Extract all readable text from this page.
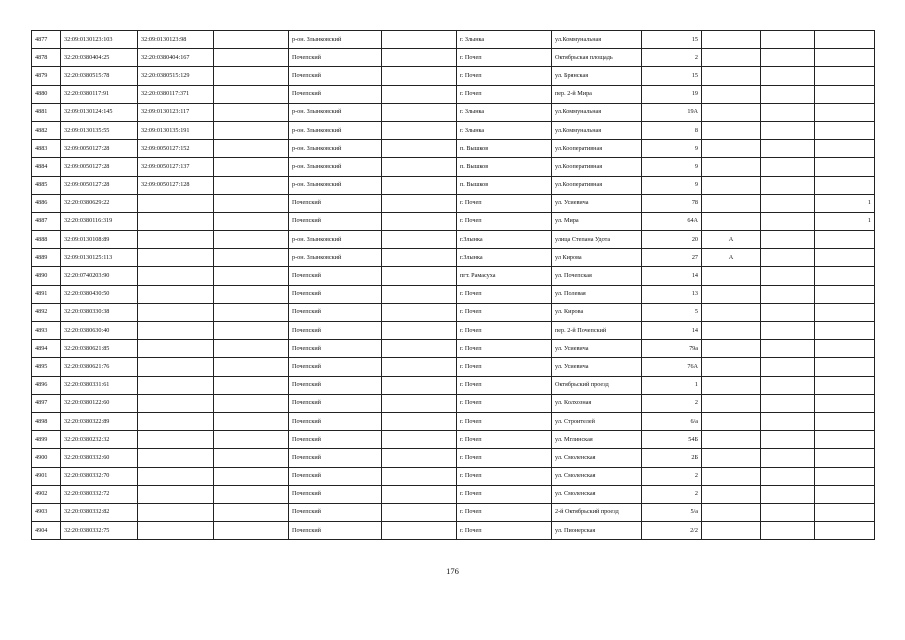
4877	32:09:0130123:103	32:09:0130123:98		р-он. Злынковский		г. Злынка	ул.Коммунальная	15			
4878	32:20:0380404:25	32:20:0380404:167		Почепский		г. Почеп	Октябрьская площадь	2			
4879	32:20:0380515:78	32:20:0380515:129		Почепский		г. Почеп	ул. Брянская	15			
4880	32:20:0380117:91	32:20:0380117:371		Почепский		г. Почеп	пер. 2-й Мира	19			
4881	32:09:0130124:145	32:09:0130123:117		р-он. Злынковский		г. Злынка	ул.Коммунальная	19А			
4882	32:09:0130135:55	32:09:0130135:191		р-он. Злынковский		г. Злынка	ул.Коммунальная	8			
4883	32:09:0050127:28	32:09:0050127:152		р-он. Злынковский		п. Вышков	ул.Кооперативная	9			
4884	32:09:0050127:28	32:09:0050127:137		р-он. Злынковский		п. Вышков	ул.Кооперативная	9			
4885	32:09:0050127:28	32:09:0050127:128		р-он. Злынковский		п. Вышков	ул.Кооперативная	9			
4886	32:20:0380629:22			Почепский		г. Почеп	ул. Усиевича	78			1
4887	32:20:0380116:319			Почепский		г. Почеп	ул. Мира	64А			1
4888	32:09:0130108:89			р-он. Злынковский		г.Злынка	улица Степана Удота	20	А		
4889	32:09:0130125:113			р-он. Злынковский		г.Злынка	ул Кирова	27	А		
4890	32:20:0740203:90			Почепский		пгт. Рамасуха	ул. Почепская	14			
4891	32:20:0380430:50			Почепский		г. Почеп	ул. Полевая	13			
4892	32:20:0380330:38			Почепский		г. Почеп	ул. Кирова	5			
4893	32:20:0380630:40			Почепский		г. Почеп	пер. 2-й Почепский	14			
4894	32:20:0380621:85			Почепский		г. Почеп	ул. Усиевича	79а			
4895	32:20:0380621:76			Почепский		г. Почеп	ул. Усиевича	76А			
4896	32:20:0380331:61			Почепский		г. Почеп	Октябрьский проезд	1			
4897	32:20:0380122:60			Почепский		г. Почеп	ул. Колхозная	2			
4898	32:20:0380322:89			Почепский		г. Почеп	ул. Строителей	6/а			
4899	32:20:0380232:32			Почепский		г. Почеп	ул. Мглинская	54Б			
4900	32:20:0380332:60			Почепский		г. Почеп	ул. Смоленская	2Б			
4901	32:20:0380332:70			Почепский		г. Почеп	ул. Смоленская	2			
4902	32:20:0380332:72			Почепский		г. Почеп	ул. Смоленская	2			
4903	32:20:0380332:82			Почепский		г. Почеп	2-й Октябрьский проезд	5/а			
4904	32:20:0380332:75			Почепский		г. Почеп	ул. Пионерская	2/2			
176
